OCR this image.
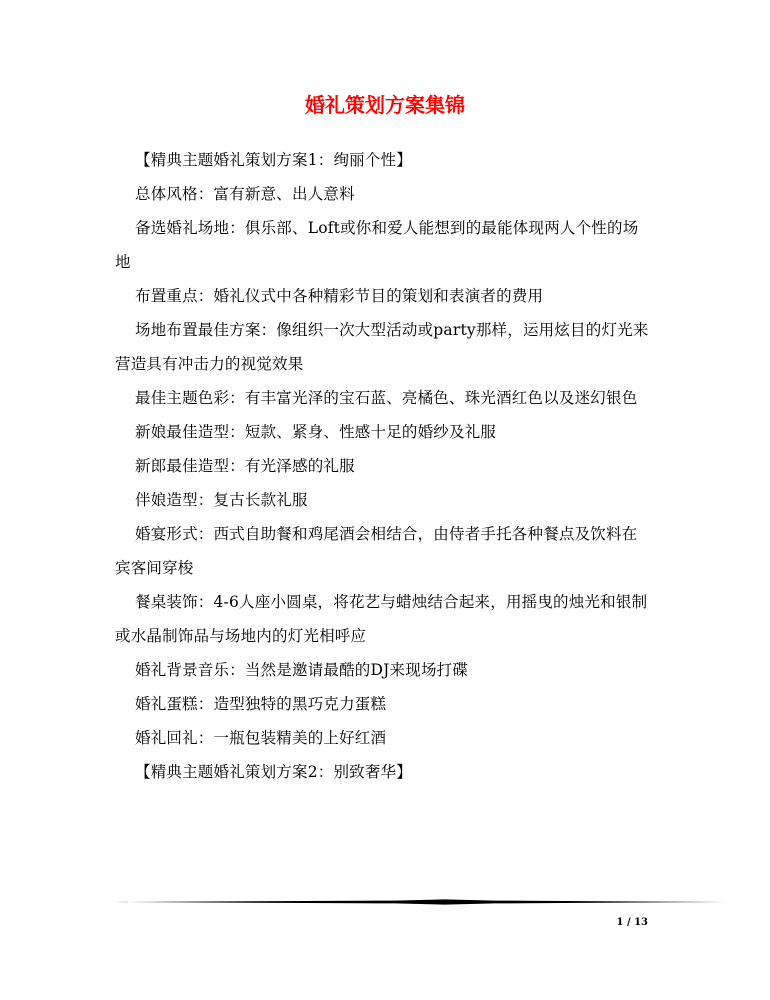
婚礼策划方案集锦

【精典主题婚礼策划方案1：绚丽个性】

总体风格：富有新意、出人意料

备选婚礼场地：俱乐部、Loft或你和爱人能想到的最能体现两人个性的场地

布置重点：婚礼仪式中各种精彩节目的策划和表演者的费用

场地布置最佳方案：像组织一次大型活动或party那样，运用炫目的灯光来营造具有冲击力的视觉效果

最佳主题色彩：有丰富光泽的宝石蓝、亮橘色、珠光酒红色以及迷幻银色

新娘最佳造型：短款、紧身、性感十足的婚纱及礼服

新郎最佳造型：有光泽感的礼服

伴娘造型：复古长款礼服

婚宴形式：西式自助餐和鸡尾酒会相结合，由侍者手托各种餐点及饮料在宾客间穿梭

餐桌装饰：4-6人座小圆桌，将花艺与蜡烛结合起来，用摇曳的烛光和银制或水晶制饰品与场地内的灯光相呼应

婚礼背景音乐：当然是邀请最酷的DJ来现场打碟

婚礼蛋糕：造型独特的黑巧克力蛋糕

婚礼回礼：一瓶包装精美的上好红酒

【精典主题婚礼策划方案2：别致奢华】

1 / 13
